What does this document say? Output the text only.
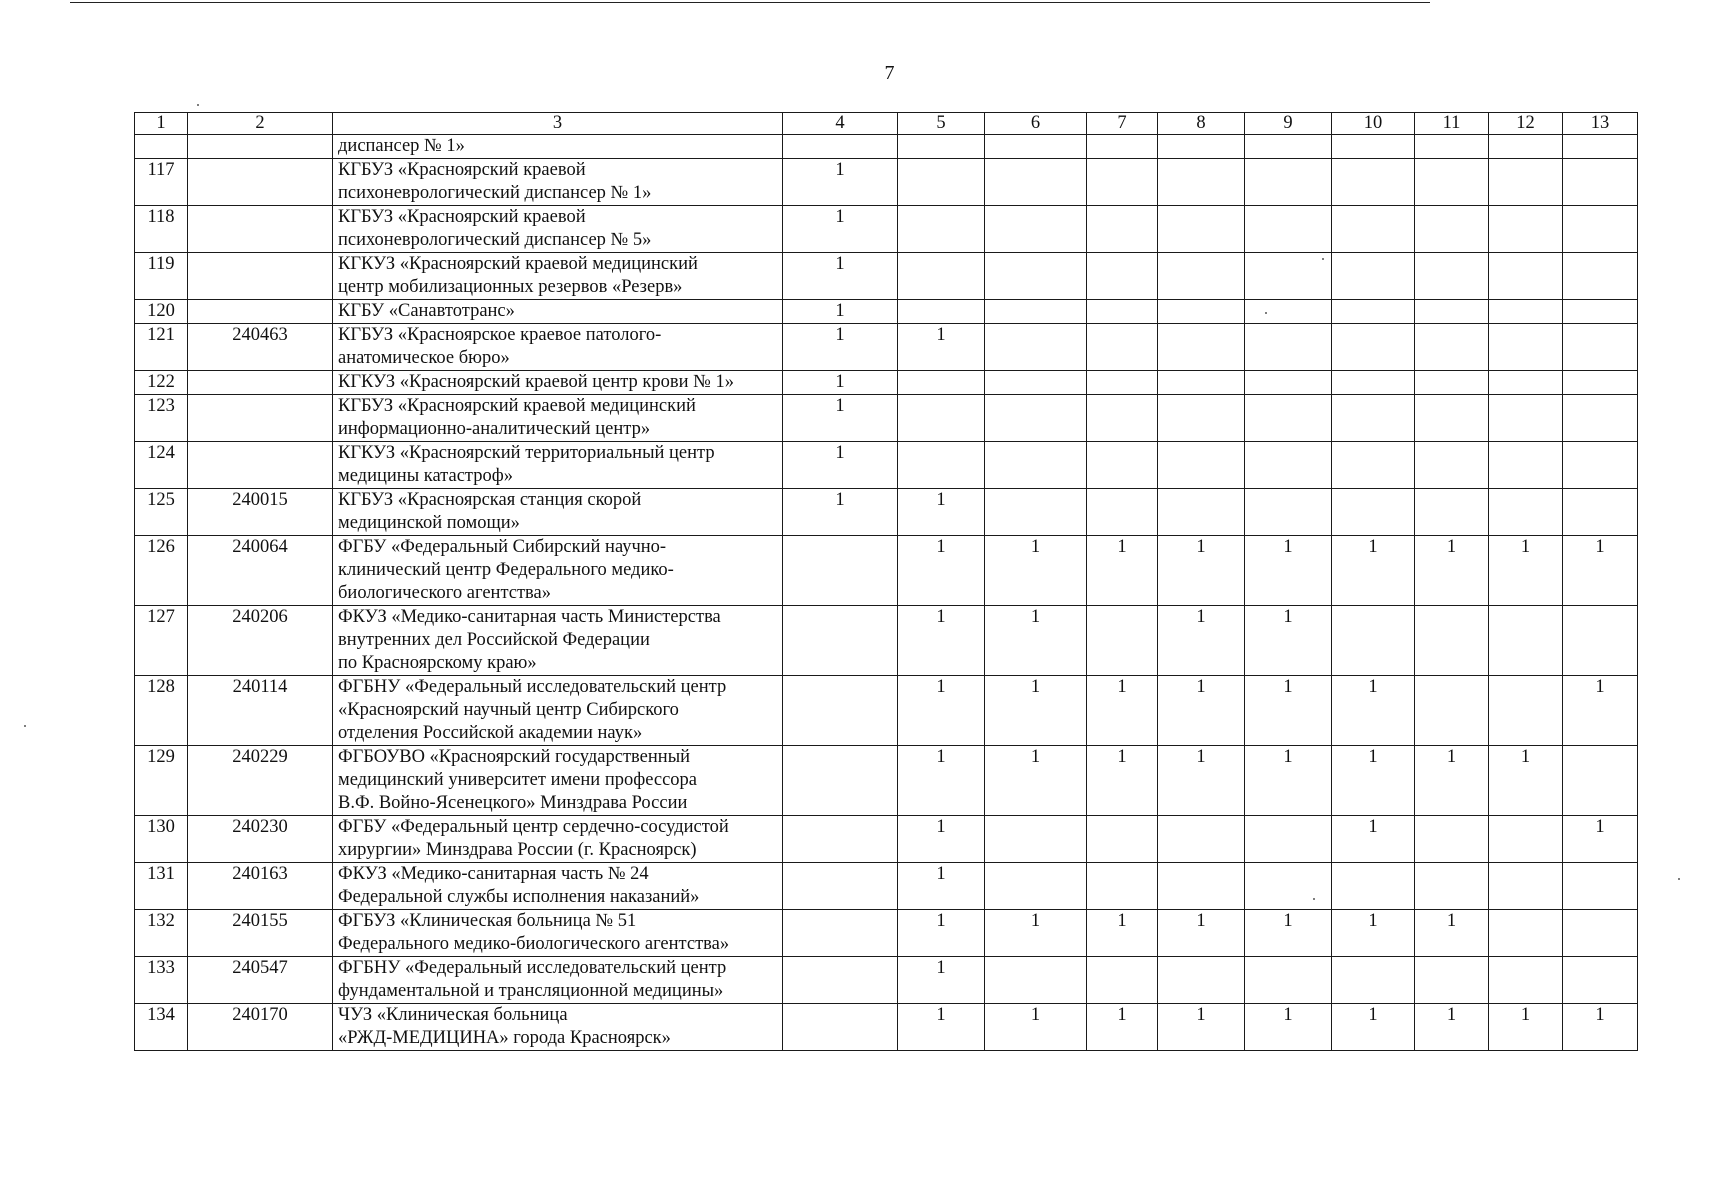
7
1	2	3	4	5	6	7	8	9	10	11	12	13

		диспансер № 1»										

117		КГБУЗ «Красноярский краевой
психоневрологический диспансер № 1»	1									
118		КГБУЗ «Красноярский краевой
психоневрологический диспансер № 5»	1									
119		КГКУЗ «Красноярский краевой медицинский
центр мобилизационных резервов «Резерв»	1									
120		КГБУ «Санавтотранс»	1									
121	240463	КГБУЗ «Красноярское краевое патолого-
анатомическое бюро»	1	1								
122		КГКУЗ «Красноярский краевой центр крови № 1»	1									
123		КГБУЗ «Красноярский краевой медицинский
информационно-аналитический центр»	1									
124		КГКУЗ «Красноярский территориальный центр
медицины катастроф»	1									
125	240015	КГБУЗ «Красноярская станция скорой
медицинской помощи»	1	1								
126	240064	ФГБУ «Федеральный Сибирский научно-
клинический центр Федерального медико-
биологического агентства»		1	1	1	1	1	1	1	1	1
127	240206	ФКУЗ «Медико-санитарная часть Министерства
внутренних дел Российской Федерации
по Красноярскому краю»		1	1		1	1				
128	240114	ФГБНУ «Федеральный исследовательский центр
«Красноярский научный центр Сибирского
отделения Российской академии наук»		1	1	1	1	1	1			1
129	240229	ФГБОУВО «Красноярский государственный
медицинский университет имени профессора
В.Ф. Войно-Ясенецкого» Минздрава России		1	1	1	1	1	1	1	1	
130	240230	ФГБУ «Федеральный центр сердечно-сосудистой
хирургии» Минздрава России (г. Красноярск)		1					1			1
131	240163	ФКУЗ «Медико-санитарная часть № 24
Федеральной службы исполнения наказаний»		1								
132	240155	ФГБУЗ «Клиническая больница № 51
Федерального медико-биологического агентства»		1	1	1	1	1	1	1		
133	240547	ФГБНУ «Федеральный исследовательский центр
фундаментальной и трансляционной медицины»		1								
134	240170	ЧУЗ «Клиническая больница
«РЖД-МЕДИЦИНА» города Красноярск»		1	1	1	1	1	1	1	1	1
